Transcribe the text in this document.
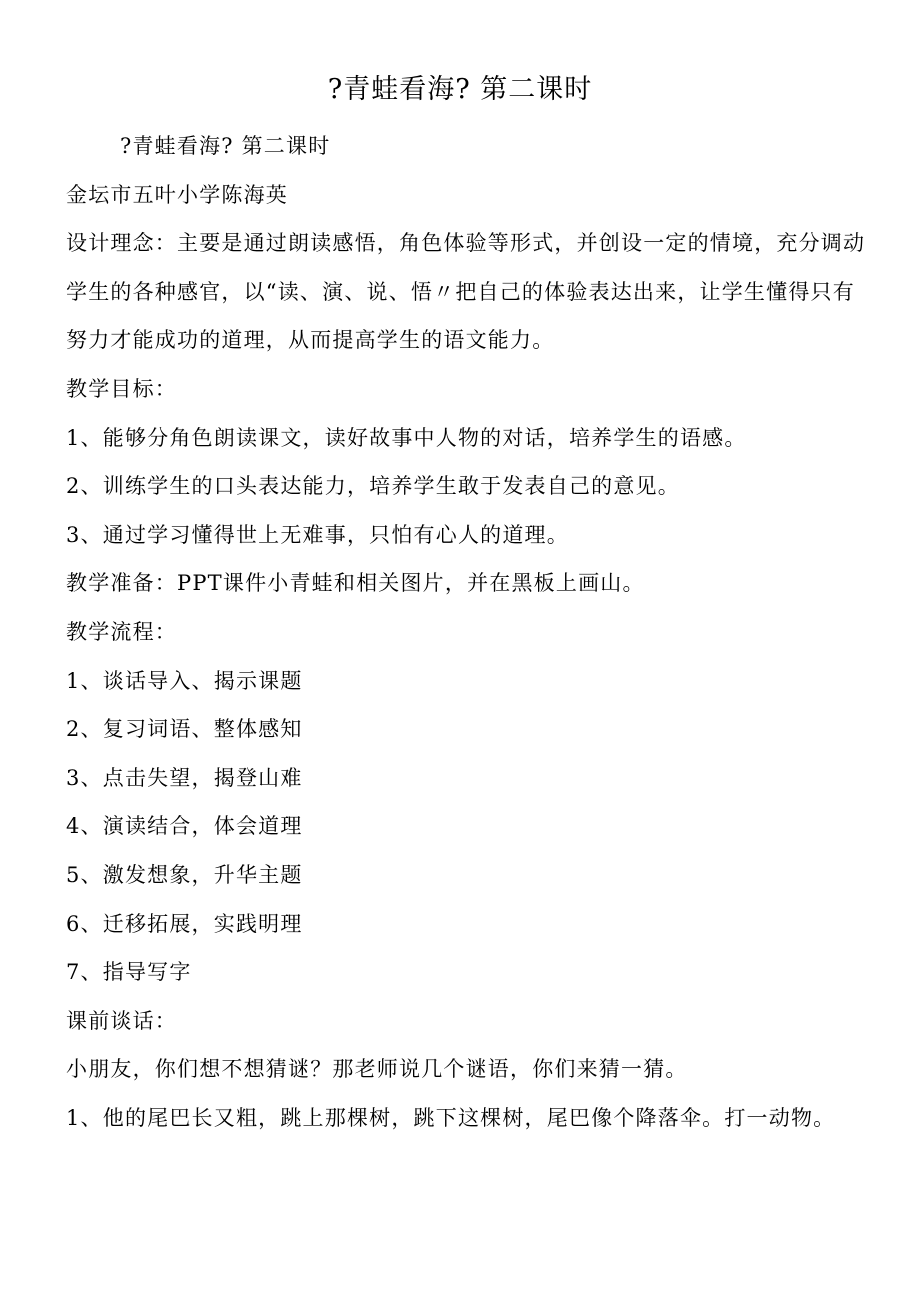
?青蛙看海? 第二课时

?青蛙看海? 第二课时

金坛市五叶小学陈海英

设计理念：主要是通过朗读感悟，角色体验等形式，并创设一定的情境，充分调动学生的各种感官，以“读、演、说、悟〃把自己的体验表达出来，让学生懂得只有努力才能成功的道理，从而提高学生的语文能力。

教学目标：

1、能够分角色朗读课文，读好故事中人物的对话，培养学生的语感。

2、训练学生的口头表达能力，培养学生敢于发表自己的意见。

3、通过学习懂得世上无难事，只怕有心人的道理。

教学准备：PPT课件小青蛙和相关图片，并在黑板上画山。

教学流程：

1、谈话导入、揭示课题

2、复习词语、整体感知

3、点击失望，揭登山难

4、演读结合，体会道理

5、激发想象，升华主题

6、迁移拓展，实践明理

7、指导写字

课前谈话：

小朋友，你们想不想猜谜？那老师说几个谜语，你们来猜一猜。

1、他的尾巴长又粗，跳上那棵树，跳下这棵树，尾巴像个降落伞。打一动物。
